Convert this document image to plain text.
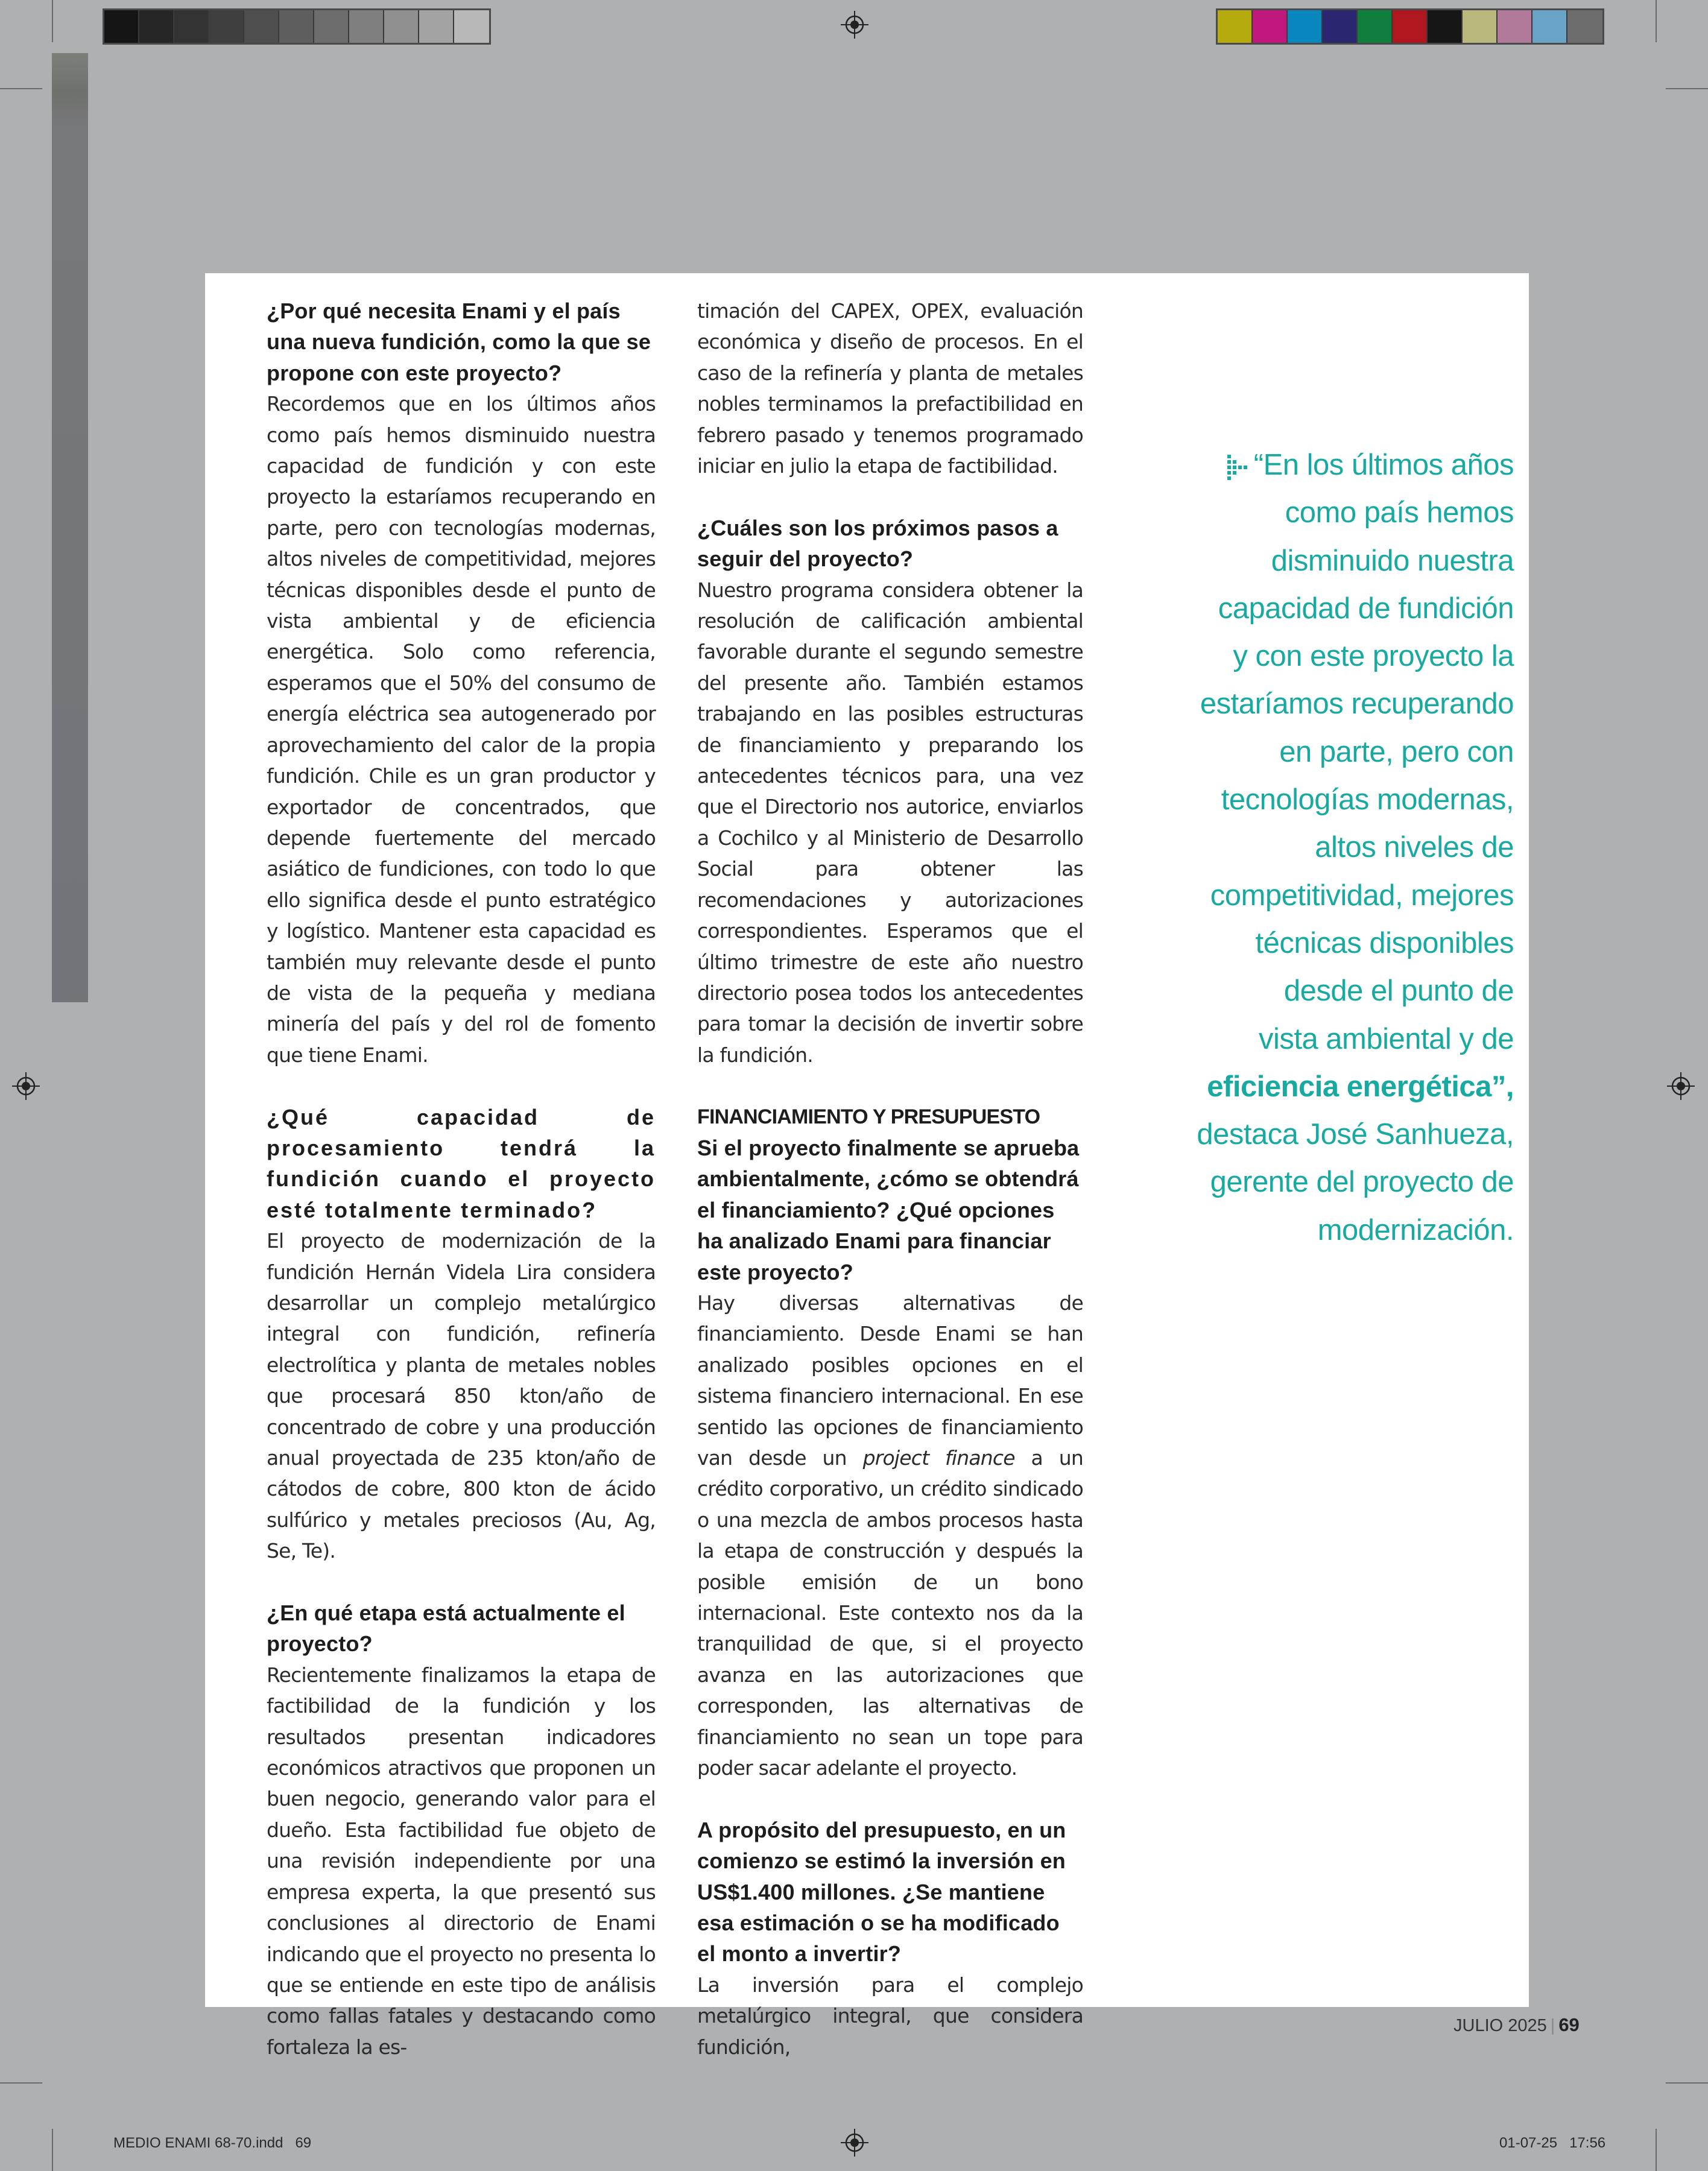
¿Por qué necesita Enami y el país una nueva fundición, como la que se propone con este proyecto?

Recordemos que en los últimos años como país hemos disminuido nuestra capacidad de fundición y con este proyecto la estaríamos recuperando en parte, pero con tecnologías modernas, altos niveles de competitividad, mejores técnicas disponibles desde el punto de vista ambiental y de eficiencia energética. Solo como referencia, esperamos que el 50% del consumo de energía eléctrica sea autogenerado por aprovechamiento del calor de la propia fundición. Chile es un gran productor y exportador de concentrados, que depende fuertemente del mercado asiático de fundiciones, con todo lo que ello significa desde el punto estratégico y logístico. Mantener esta capacidad es también muy relevante desde el punto de vista de la pequeña y mediana minería del país y del rol de fomento que tiene Enami.

¿Qué capacidad de procesamiento tendrá la fundición cuando el proyecto esté totalmente terminado?

El proyecto de modernización de la fundición Hernán Videla Lira considera desarrollar un complejo metalúrgico integral con fundición, refinería electrolítica y planta de metales nobles que procesará 850 kton/año de concentrado de cobre y una producción anual proyectada de 235 kton/año de cátodos de cobre, 800 kton de ácido sulfúrico y metales preciosos (Au, Ag, Se, Te).

¿En qué etapa está actualmente el proyecto?

Recientemente finalizamos la etapa de factibilidad de la fundición y los resultados presentan indicadores económicos atractivos que proponen un buen negocio, generando valor para el dueño. Esta factibilidad fue objeto de una revisión independiente por una empresa experta, la que presentó sus conclusiones al directorio de Enami indicando que el proyecto no presenta lo que se entiende en este tipo de análisis como fallas fatales y destacando como fortaleza la es-

timación del CAPEX, OPEX, evaluación económica y diseño de procesos. En el caso de la refinería y planta de metales nobles terminamos la prefactibilidad en febrero pasado y tenemos programado iniciar en julio la etapa de factibilidad.

¿Cuáles son los próximos pasos a seguir del proyecto?

Nuestro programa considera obtener la resolución de calificación ambiental favorable durante el segundo semestre del presente año. También estamos trabajando en las posibles estructuras de financiamiento y preparando los antecedentes técnicos para, una vez que el Directorio nos autorice, enviarlos a Cochilco y al Ministerio de Desarrollo Social para obtener las recomendaciones y autorizaciones correspondientes. Esperamos que el último trimestre de este año nuestro directorio posea todos los antecedentes para tomar la decisión de invertir sobre la fundición.

FINANCIAMIENTO Y PRESUPUESTO

Si el proyecto finalmente se aprueba ambientalmente, ¿cómo se obtendrá el financiamiento? ¿Qué opciones ha analizado Enami para financiar este proyecto?

Hay diversas alternativas de financiamiento. Desde Enami se han analizado posibles opciones en el sistema financiero internacional. En ese sentido las opciones de financiamiento van desde un project finance a un crédito corporativo, un crédito sindicado o una mezcla de ambos procesos hasta la etapa de construcción y después la posible emisión de un bono internacional. Este contexto nos da la tranquilidad de que, si el proyecto avanza en las autorizaciones que corresponden, las alternativas de financiamiento no sean un tope para poder sacar adelante el proyecto.

A propósito del presupuesto, en un comienzo se estimó la inversión en US$1.400 millones. ¿Se mantiene esa estimación o se ha modificado el monto a invertir?

La inversión para el complejo metalúrgico integral, que considera fundición,

“En los últimos años
como país hemos
disminuido nuestra
capacidad de fundición
y con este proyecto la
estaríamos recuperando
en parte, pero con
tecnologías modernas,
altos niveles de
competitividad, mejores
técnicas disponibles
desde el punto de
vista ambiental y de
eficiencia energética”,
destaca José Sanhueza,
gerente del proyecto de
modernización.
JULIO 2025 | 69
MEDIO ENAMI 68-70.indd   69	01-07-25   17:56
